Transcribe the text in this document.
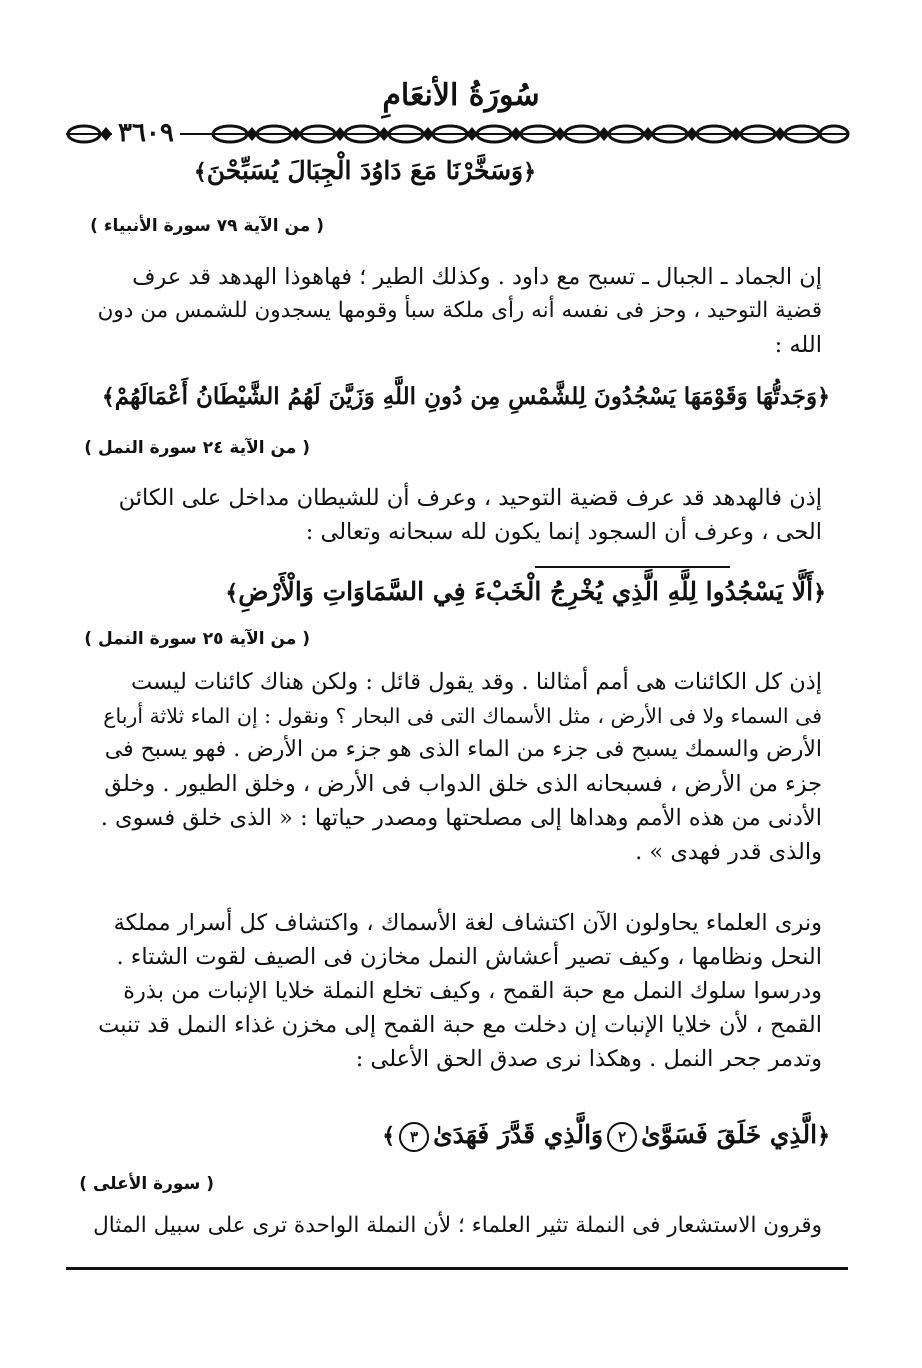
سُورَةُ الأنعَامِ
٣٦٠٩
﴿وَسَخَّرْنَا مَعَ دَاوُدَ الْجِبَالَ يُسَبِّحْنَ﴾
( من الآية ٧٩ سورة الأنبياء )
إن الجماد ـ الجبال ـ تسبح مع داود . وكذلك الطير ؛ فهاهوذا الهدهد قد عرف
قضية التوحيد ، وحز فى نفسه أنه رأى ملكة سبأ وقومها يسجدون للشمس من دون
الله :
﴿وَجَدتُّهَا وَقَوْمَهَا يَسْجُدُونَ لِلشَّمْسِ مِن دُونِ اللَّهِ وَزَيَّنَ لَهُمُ الشَّيْطَانُ أَعْمَالَهُمْ﴾
( من الآية ٢٤ سورة النمل )
إذن فالهدهد قد عرف قضية التوحيد ، وعرف أن للشيطان مداخل على الكائن
الحى ، وعرف أن السجود إنما يكون لله سبحانه وتعالى :
﴿أَلَّا يَسْجُدُوا لِلَّهِ الَّذِي يُخْرِجُ الْخَبْءَ فِي السَّمَاوَاتِ وَالْأَرْضِ﴾
( من الآية ٢٥ سورة النمل )
إذن كل الكائنات هى أمم أمثالنا . وقد يقول قائل : ولكن هناك كائنات ليست
فى السماء ولا فى الأرض ، مثل الأسماك التى فى البحار ؟ ونقول : إن الماء ثلاثة أرباع
الأرض والسمك يسبح فى جزء من الماء الذى هو جزء من الأرض . فهو يسبح فى
جزء من الأرض ، فسبحانه الذى خلق الدواب فى الأرض ، وخلق الطيور . وخلق
الأدنى من هذه الأمم وهداها إلى مصلحتها ومصدر حياتها : « الذى خلق فسوى .
والذى قدر فهدى » .
ونرى العلماء يحاولون الآن اكتشاف لغة الأسماك ، واكتشاف كل أسرار مملكة
النحل ونظامها ، وكيف تصير أعشاش النمل مخازن فى الصيف لقوت الشتاء .
ودرسوا سلوك النمل مع حبة القمح ، وكيف تخلع النملة خلايا الإنبات من بذرة
القمح ، لأن خلايا الإنبات إن دخلت مع حبة القمح إلى مخزن غذاء النمل قد تنبت
وتدمر جحر النمل . وهكذا نرى صدق الحق الأعلى :
﴿الَّذِي خَلَقَ فَسَوَّىٰ٢وَالَّذِي قَدَّرَ فَهَدَىٰ٣﴾
( سورة الأعلى )
وقرون الاستشعار فى النملة تثير العلماء ؛ لأن النملة الواحدة ترى على سبيل المثال
